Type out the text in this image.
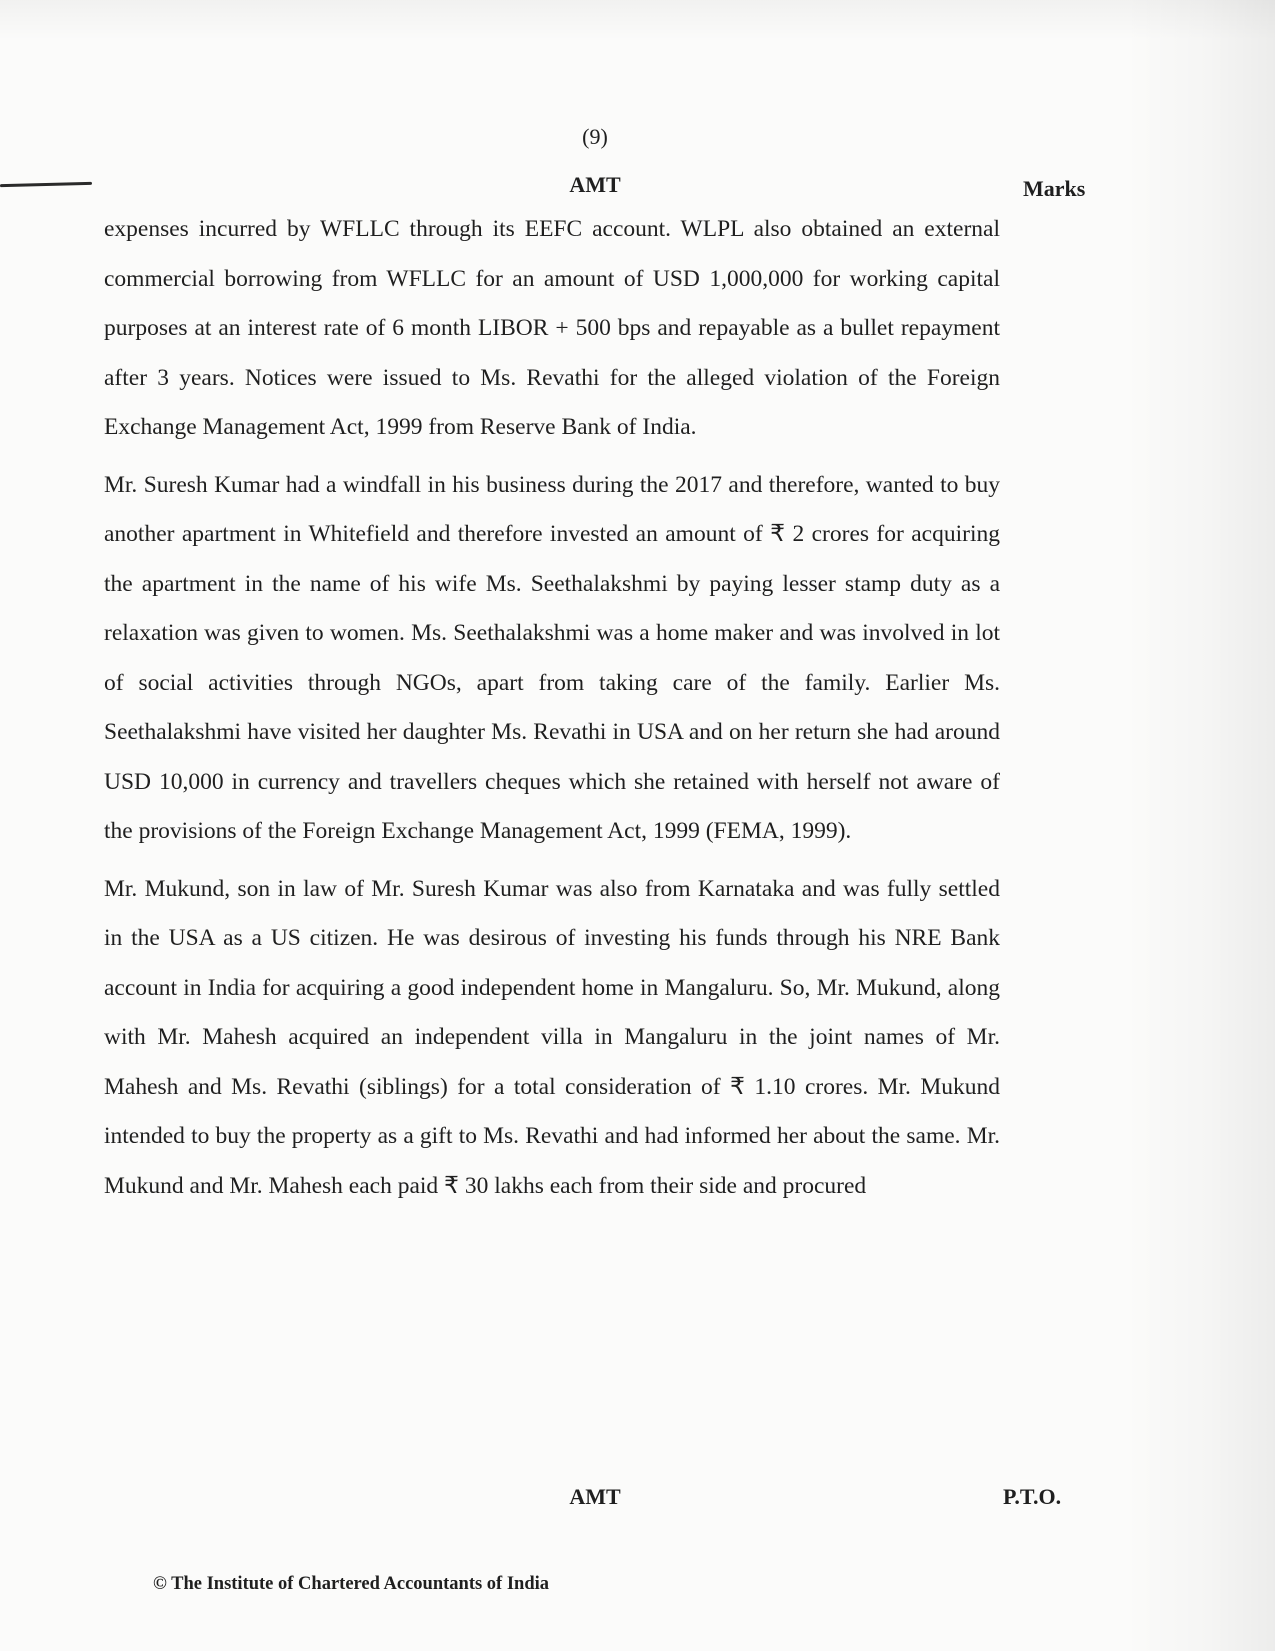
(9)
AMT	Marks

expenses incurred by WFLLC through its EEFC account. WLPL also obtained an external commercial borrowing from WFLLC for an amount of USD 1,000,000 for working capital purposes at an interest rate of 6 month LIBOR + 500 bps and repayable as a bullet repayment after 3 years. Notices were issued to Ms. Revathi for the alleged violation of the Foreign Exchange Management Act, 1999 from Reserve Bank of India.

Mr. Suresh Kumar had a windfall in his business during the 2017 and therefore, wanted to buy another apartment in Whitefield and therefore invested an amount of ₹ 2 crores for acquiring the apartment in the name of his wife Ms. Seethalakshmi by paying lesser stamp duty as a relaxation was given to women. Ms. Seethalakshmi was a home maker and was involved in lot of social activities through NGOs, apart from taking care of the family. Earlier Ms. Seethalakshmi have visited her daughter Ms. Revathi in USA and on her return she had around USD 10,000 in currency and travellers cheques which she retained with herself not aware of the provisions of the Foreign Exchange Management Act, 1999 (FEMA, 1999).

Mr. Mukund, son in law of Mr. Suresh Kumar was also from Karnataka and was fully settled in the USA as a US citizen. He was desirous of investing his funds through his NRE Bank account in India for acquiring a good independent home in Mangaluru. So, Mr. Mukund, along with Mr. Mahesh acquired an independent villa in Mangaluru in the joint names of Mr. Mahesh and Ms. Revathi (siblings) for a total consideration of ₹ 1.10 crores. Mr. Mukund intended to buy the property as a gift to Ms. Revathi and had informed her about the same. Mr. Mukund and Mr. Mahesh each paid ₹ 30 lakhs each from their side and procured

AMT	P.T.O.
© The Institute of Chartered Accountants of India
